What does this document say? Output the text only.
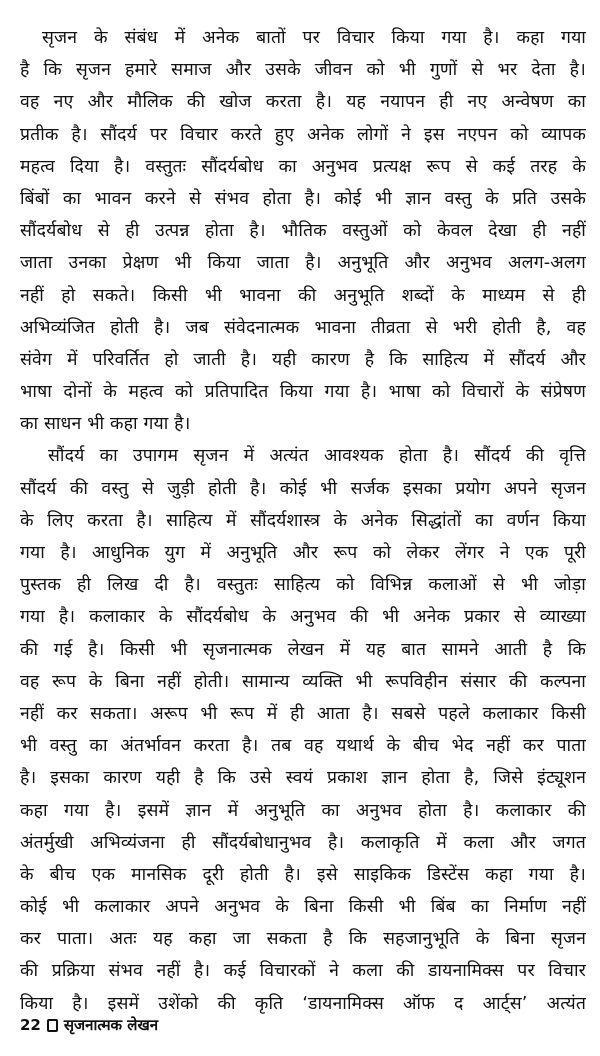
सृजन के संबंध में अनेक बातों पर विचार किया गया है। कहा गया
है कि सृजन हमारे समाज और उसके जीवन को भी गुणों से भर देता है।
वह नए और मौलिक की खोज करता है। यह नयापन ही नए अन्वेषण का
प्रतीक है। सौंदर्य पर विचार करते हुए अनेक लोगों ने इस नएपन को व्यापक
महत्व दिया है। वस्तुतः सौंदर्यबोध का अनुभव प्रत्यक्ष रूप से कई तरह के
बिंबों का भावन करने से संभव होता है। कोई भी ज्ञान वस्तु के प्रति उसके
सौंदर्यबोध से ही उत्पन्न होता है। भौतिक वस्तुओं को केवल देखा ही नहीं
जाता उनका प्रेक्षण भी किया जाता है। अनुभूति और अनुभव अलग-अलग
नहीं हो सकते। किसी भी भावना की अनुभूति शब्दों के माध्यम से ही
अभिव्यंजित होती है। जब संवेदनात्मक भावना तीव्रता से भरी होती है, वह
संवेग में परिवर्तित हो जाती है। यही कारण है कि साहित्य में सौंदर्य और
भाषा दोनों के महत्व को प्रतिपादित किया गया है। भाषा को विचारों के संप्रेषण
का साधन भी कहा गया है।
सौंदर्य का उपागम सृजन में अत्यंत आवश्यक होता है। सौंदर्य की वृत्ति
सौंदर्य की वस्तु से जुड़ी होती है। कोई भी सर्जक इसका प्रयोग अपने सृजन
के लिए करता है। साहित्य में सौंदर्यशास्त्र के अनेक सिद्धांतों का वर्णन किया
गया है। आधुनिक युग में अनुभूति और रूप को लेकर लेंगर ने एक पूरी
पुस्तक ही लिख दी है। वस्तुतः साहित्य को विभिन्न कलाओं से भी जोड़ा
गया है। कलाकार के सौंदर्यबोध के अनुभव की भी अनेक प्रकार से व्याख्या
की गई है। किसी भी सृजनात्मक लेखन में यह बात सामने आती है कि
वह रूप के बिना नहीं होती। सामान्य व्यक्ति भी रूपविहीन संसार की कल्पना
नहीं कर सकता। अरूप भी रूप में ही आता है। सबसे पहले कलाकार किसी
भी वस्तु का अंतर्भावन करता है। तब वह यथार्थ के बीच भेद नहीं कर पाता
है। इसका कारण यही है कि उसे स्वयं प्रकाश ज्ञान होता है, जिसे इंट्यूशन
कहा गया है। इसमें ज्ञान में अनुभूति का अनुभव होता है। कलाकार की
अंतर्मुखी अभिव्यंजना ही सौंदर्यबोधानुभव है। कलाकृति में कला और जगत
के बीच एक मानसिक दूरी होती है। इसे साइकिक डिस्टेंस कहा गया है।
कोई भी कलाकार अपने अनुभव के बिना किसी भी बिंब का निर्माण नहीं
कर पाता। अतः यह कहा जा सकता है कि सहजानुभूति के बिना सृजन
की प्रक्रिया संभव नहीं है। कई विचारकों ने कला की डायनामिक्स पर विचार
किया है। इसमें उशेंको की कृति ‘डायनामिक्स ऑफ द आर्ट्स’ अत्यंत
22 सृजनात्मक लेखन
